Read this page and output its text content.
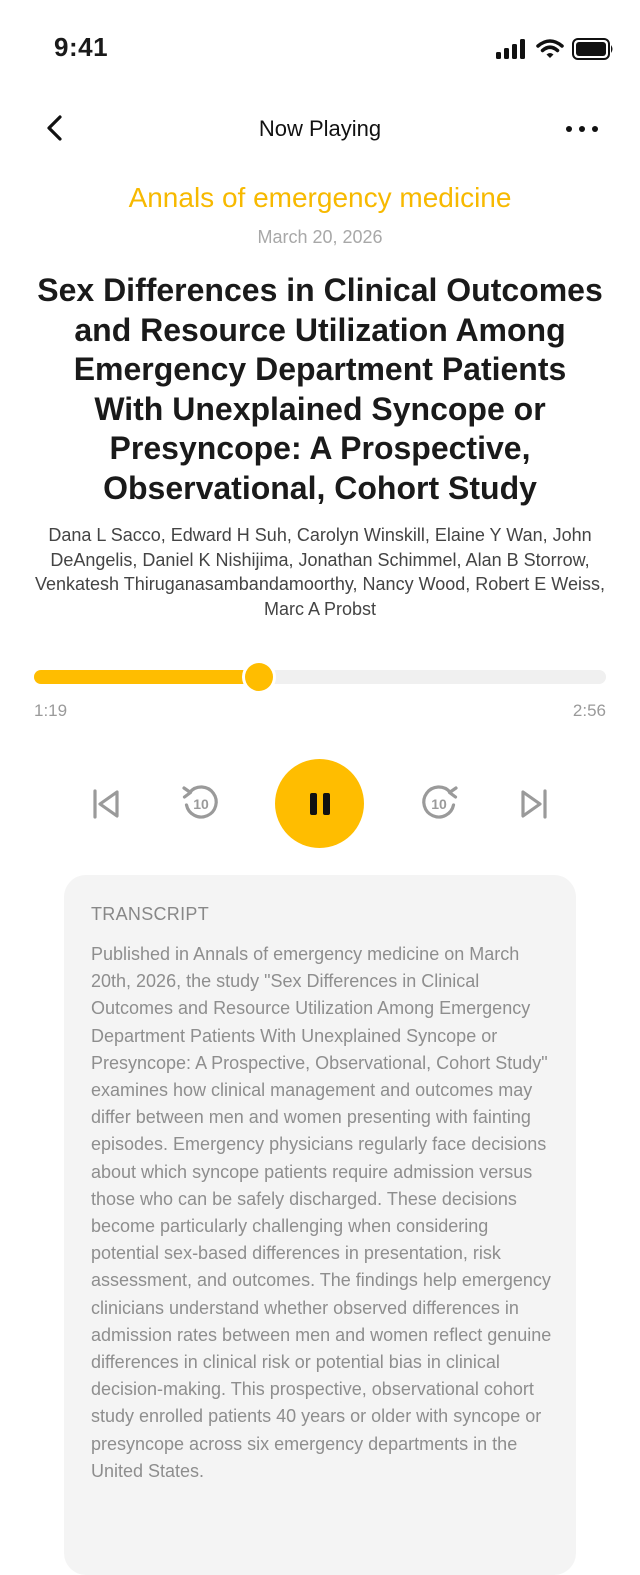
9:41
Now Playing
Annals of emergency medicine
March 20, 2026
Sex Differences in Clinical Outcomes and Resource Utilization Among Emergency Department Patients With Unexplained Syncope or Presyncope: A Prospective, Observational, Cohort Study
Dana L Sacco, Edward H Suh, Carolyn Winskill, Elaine Y Wan, John DeAngelis, Daniel K Nishijima, Jonathan Schimmel, Alan B Storrow, Venkatesh Thiruganasambandamoorthy, Nancy Wood, Robert E Weiss, Marc A Probst
1:19	2:56
10	10
TRANSCRIPT
Published in Annals of emergency medicine on March 20th, 2026, the study "Sex Differences in Clinical Outcomes and Resource Utilization Among Emergency Department Patients With Unexplained Syncope or Presyncope: A Prospective, Observational, Cohort Study" examines how clinical management and outcomes may differ between men and women presenting with fainting episodes. Emergency physicians regularly face decisions about which syncope patients require admission versus those who can be safely discharged. These decisions become particularly challenging when considering potential sex-based differences in presentation, risk assessment, and outcomes. The findings help emergency clinicians understand whether observed differences in admission rates between men and women reflect genuine differences in clinical risk or potential bias in clinical decision-making. This prospective, observational cohort study enrolled patients 40 years or older with syncope or presyncope across six emergency departments in the United States.
